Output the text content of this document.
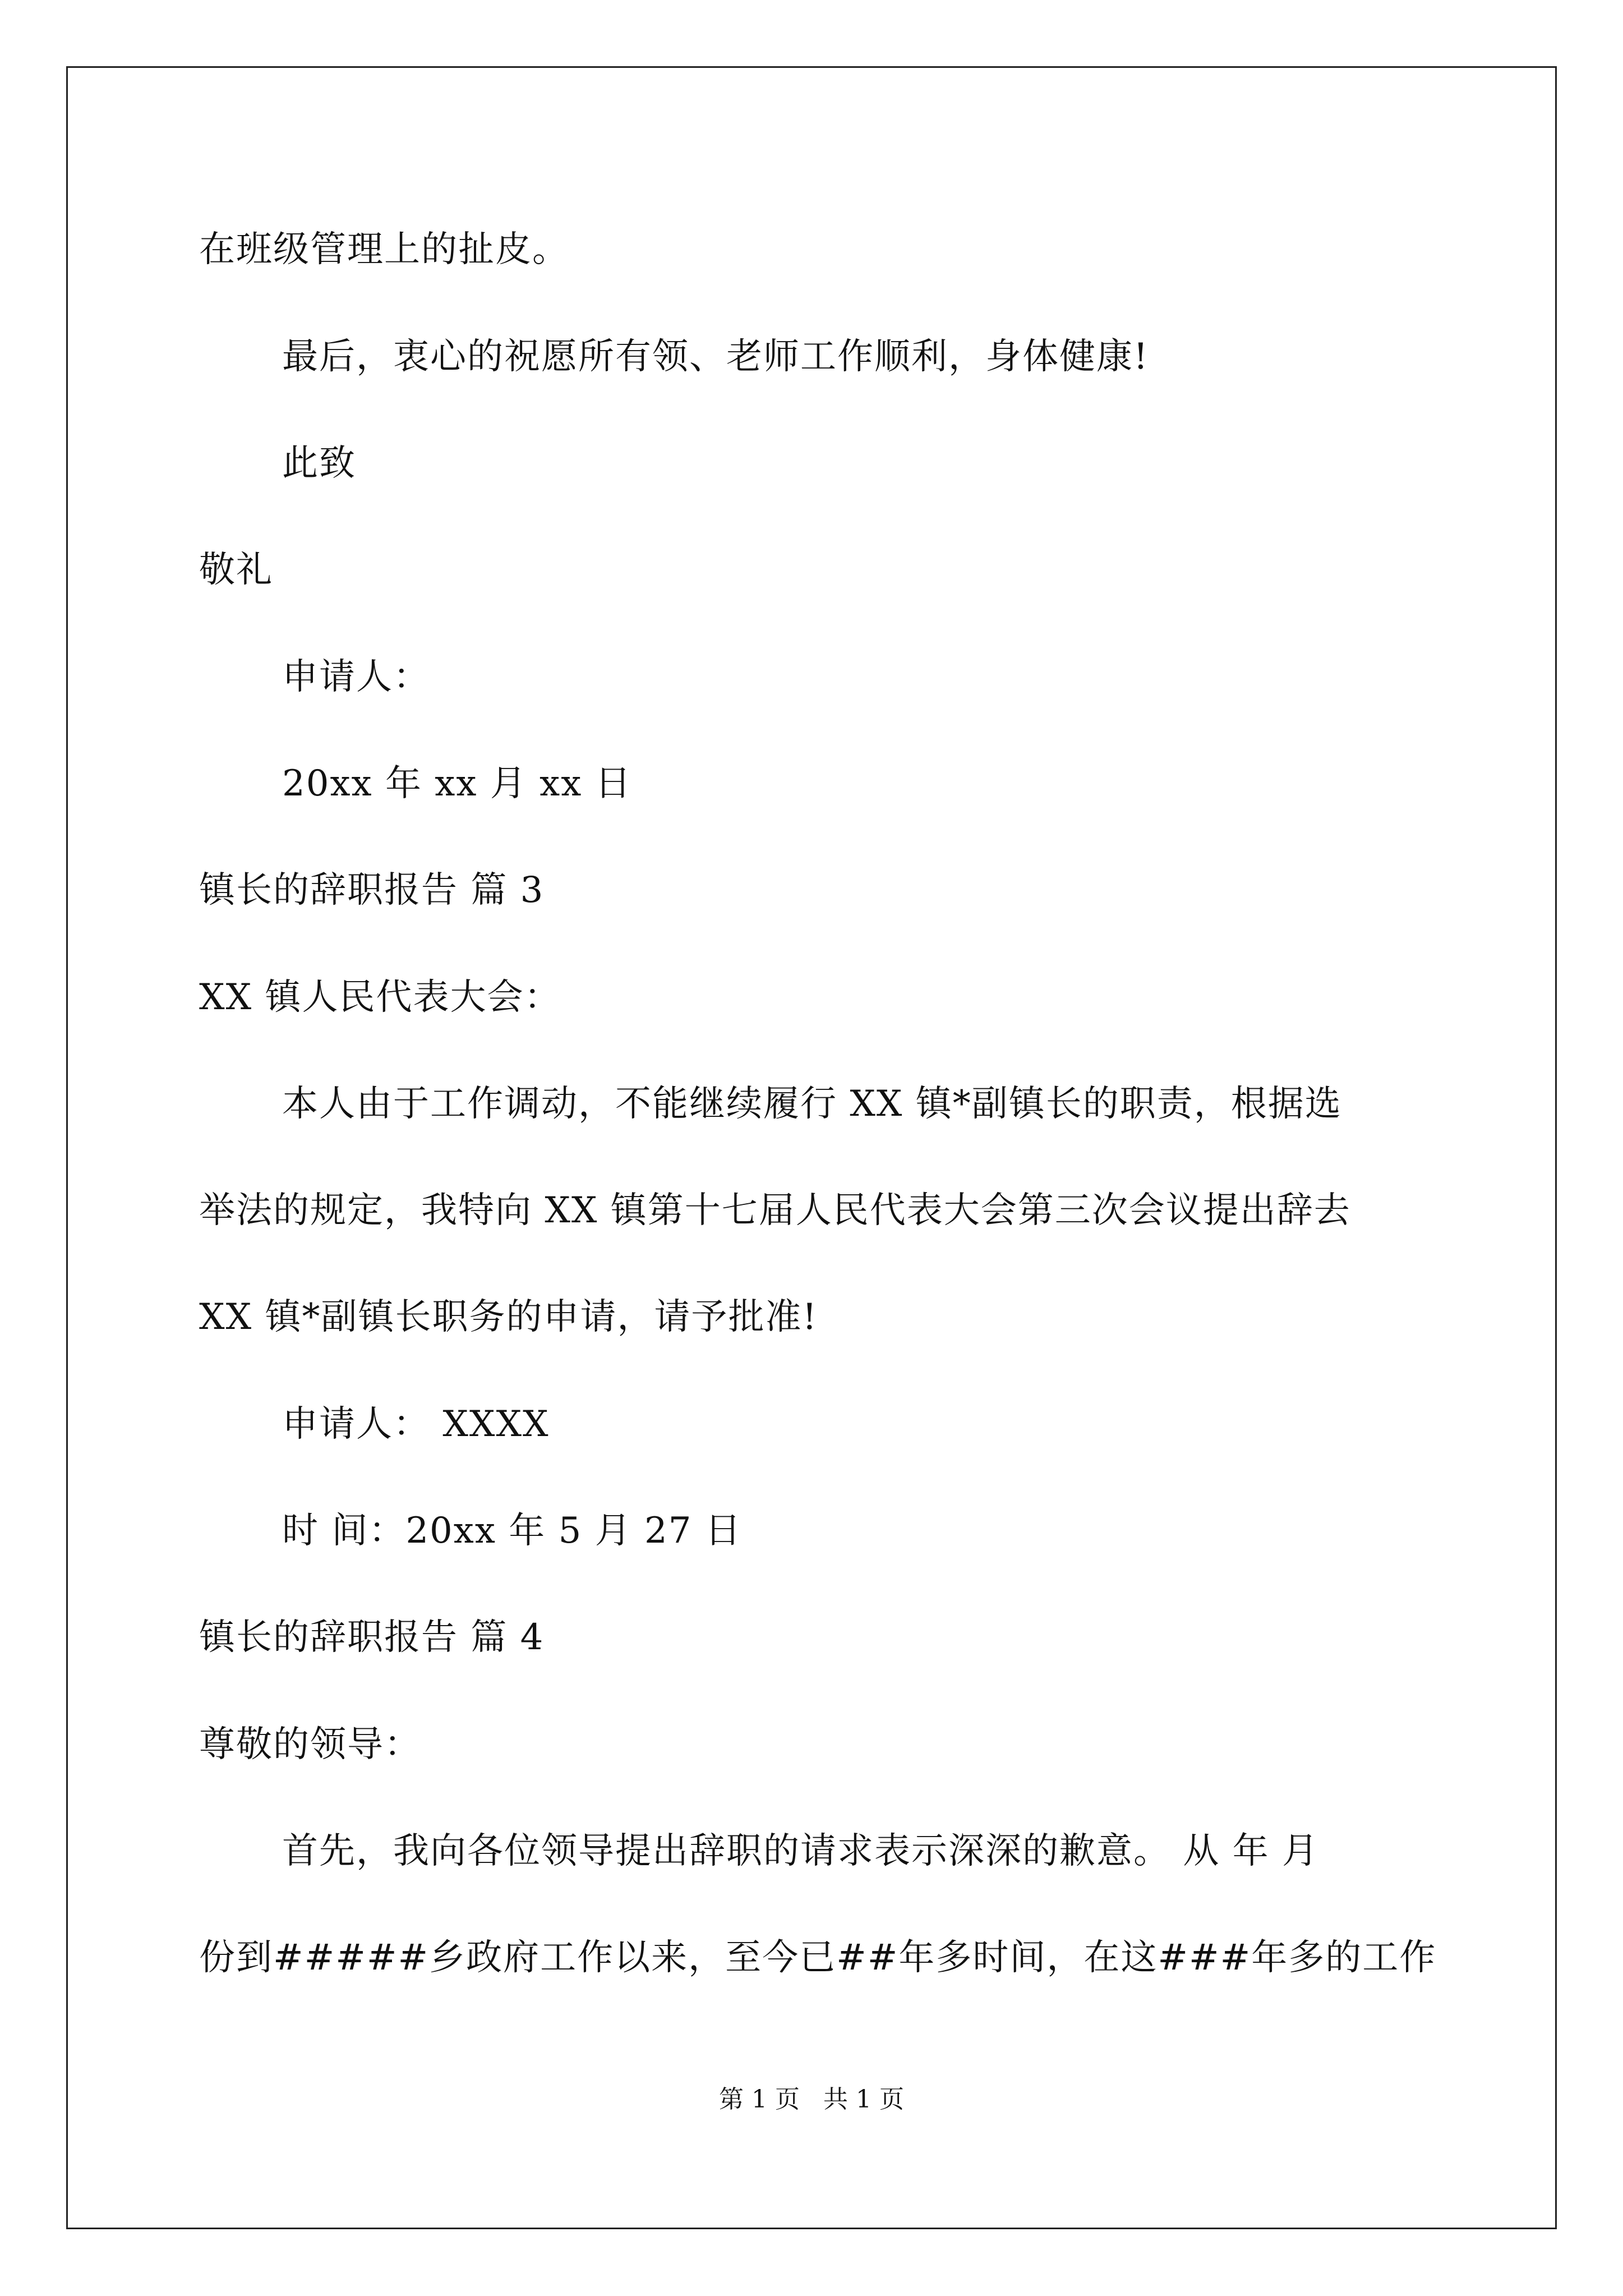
在班级管理上的扯皮。
最后，衷心的祝愿所有领、老师工作顺利，身体健康!
此致
敬礼
申请人：
20xx 年 xx 月 xx 日
镇长的辞职报告 篇 3
XX 镇人民代表大会：
本人由于工作调动，不能继续履行 XX 镇*副镇长的职责，根据选
举法的规定，我特向 XX 镇第十七届人民代表大会第三次会议提出辞去
XX 镇*副镇长职务的申请，请予批准!
申请人： XXXX
时 间：20xx 年 5 月 27 日
镇长的辞职报告 篇 4
尊敬的领导：
首先，我向各位领导提出辞职的请求表示深深的歉意。 从 年 月
份到#####乡政府工作以来，至今已##年多时间，在这###年多的工作
第 1 页   共 1 页
